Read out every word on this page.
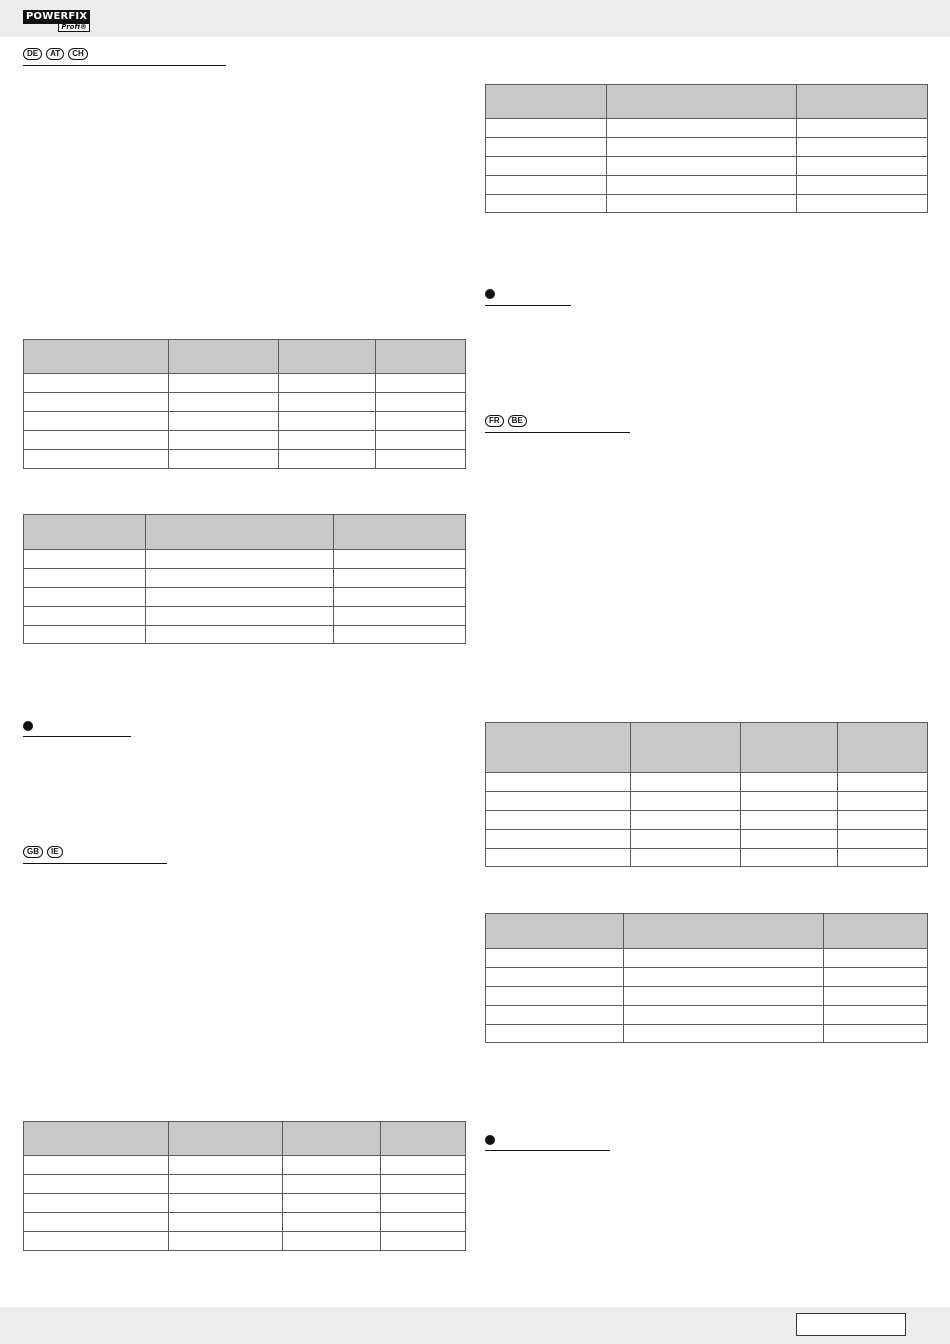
POWERFIX
Profi®
DE	AT	CH

GB	IE

FR	BE
